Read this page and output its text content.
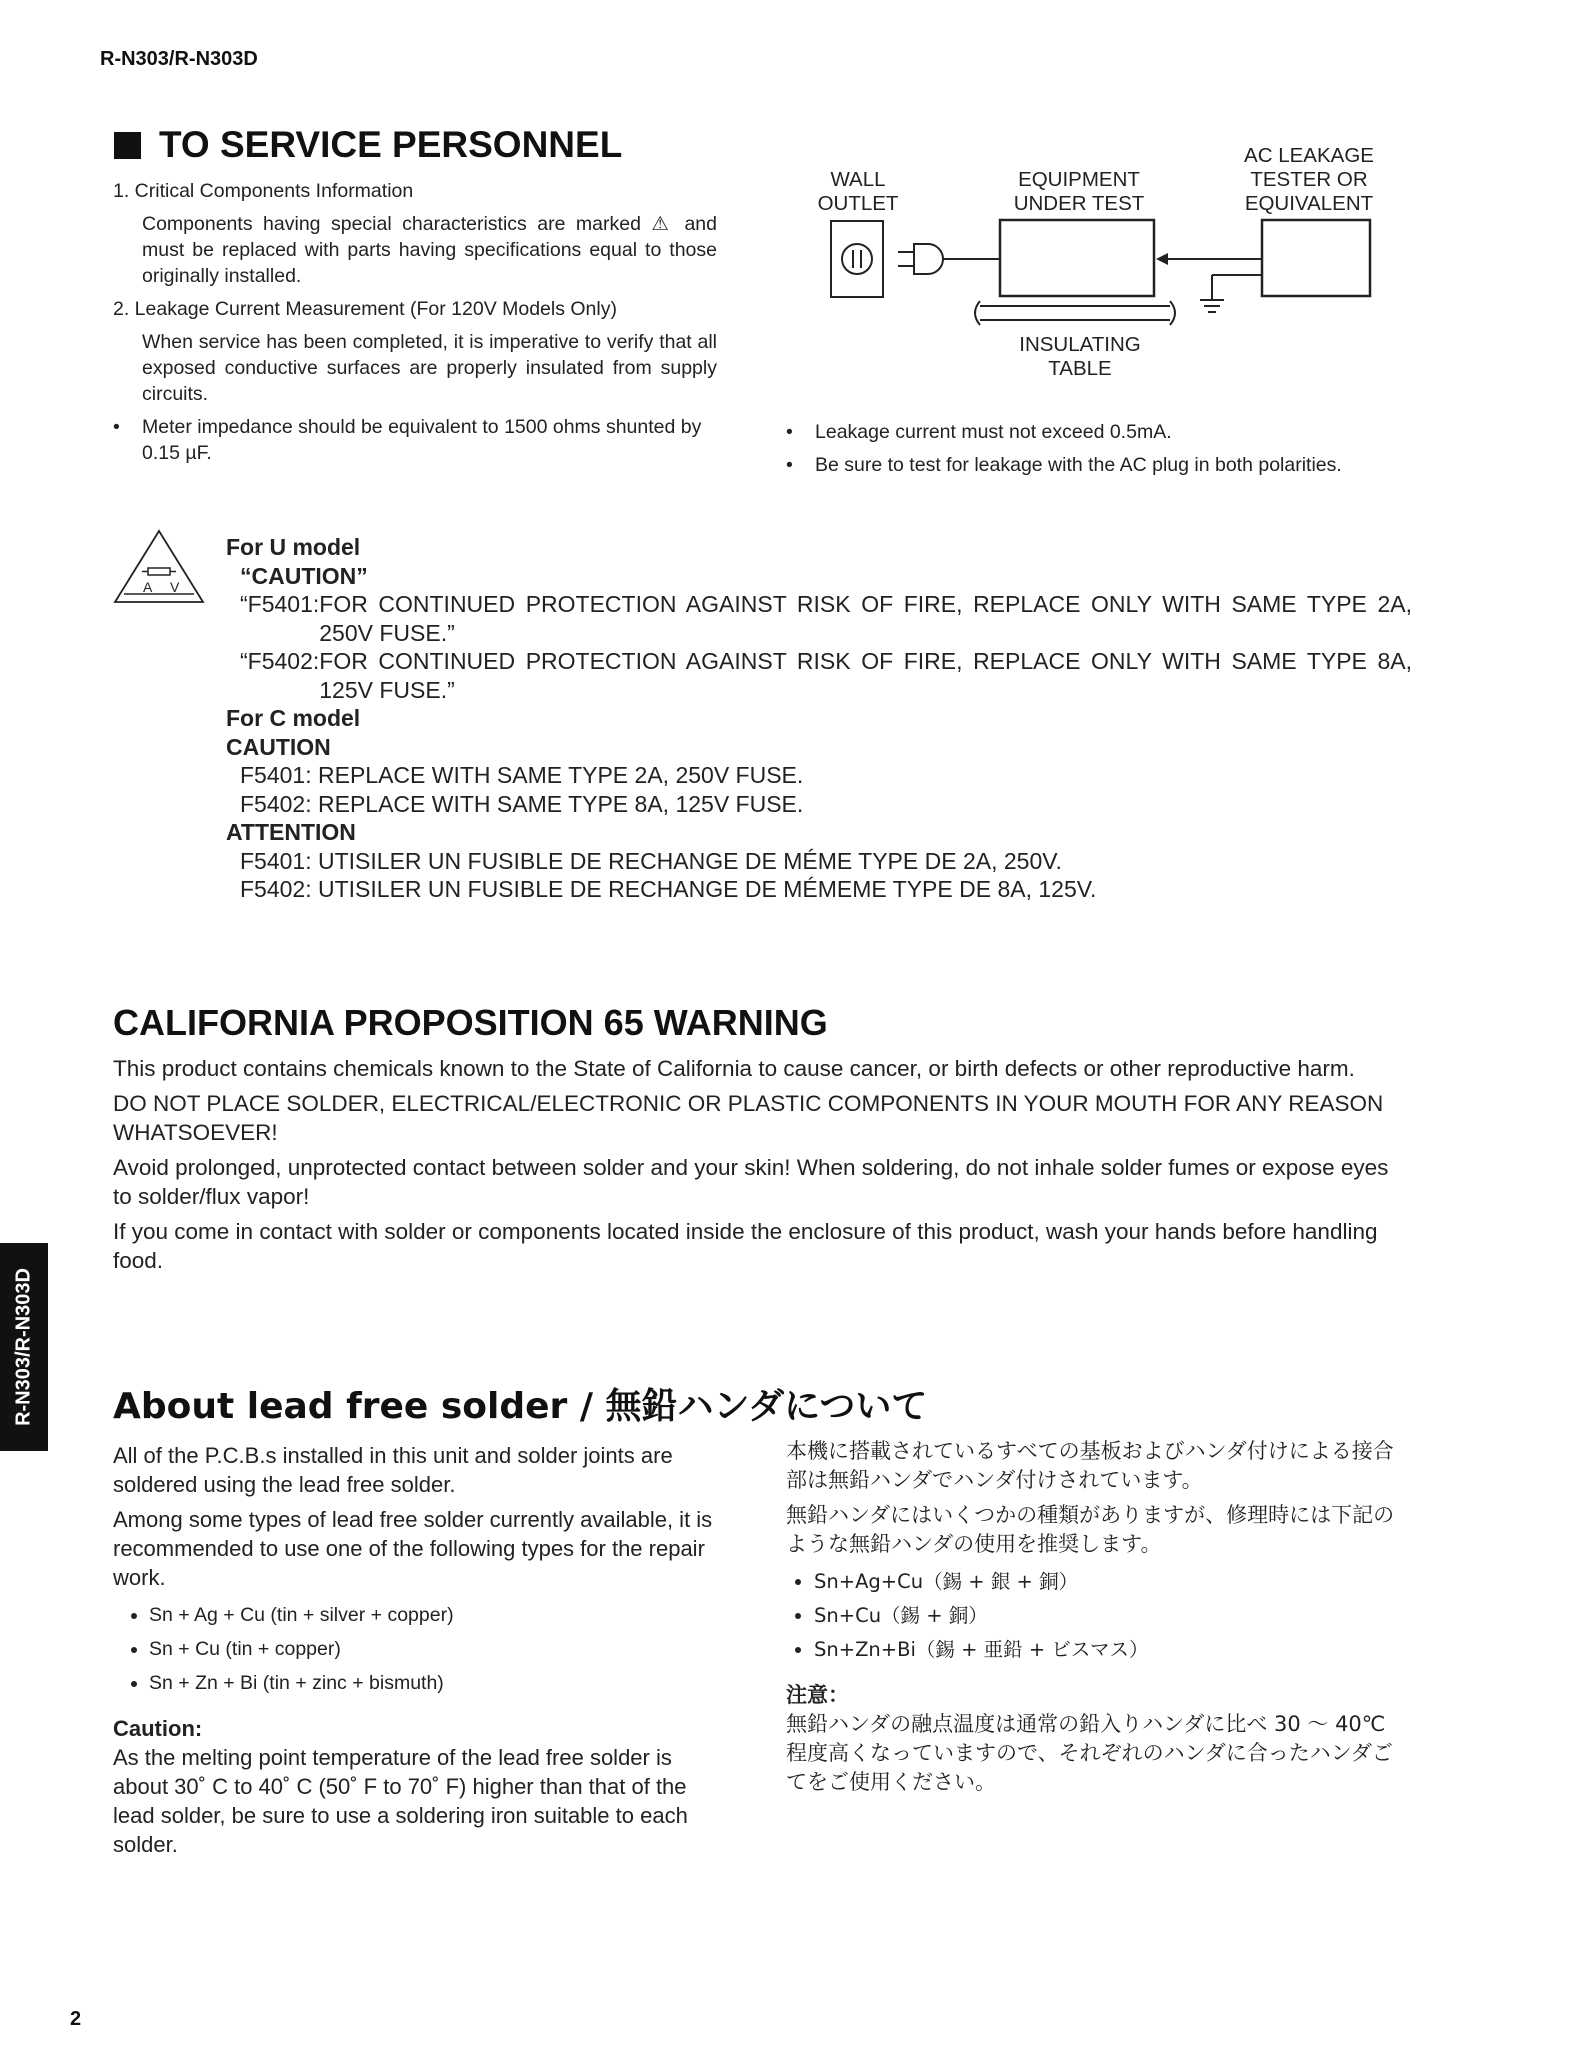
R-N303/R-N303D
R-N303/R-N303D
2
TO SERVICE PERSONNEL

1. Critical Components Information

Components having special characteristics are marked ⚠ and must be replaced with parts having specifications equal to those originally installed.

2. Leakage Current Measurement (For 120V Models Only)

When service has been completed, it is imperative to verify that all exposed conductive surfaces are properly insulated from supply circuits.

•	Meter impedance should be equivalent to 1500 ohms shunted by 0.15 µF.
WALL
OUTLET
EQUIPMENT
UNDER TEST
AC LEAKAGE
TESTER OR
EQUIVALENT
INSULATING
TABLE
•	Leakage current must not exceed 0.5mA.
•	Be sure to test for leakage with the AC plug in both polarities.
A V
For U model
“CAUTION”
“F5401: FOR CONTINUED PROTECTION AGAINST RISK OF FIRE, REPLACE ONLY WITH SAME TYPE 2A, 250V FUSE.”
“F5402: FOR CONTINUED PROTECTION AGAINST RISK OF FIRE, REPLACE ONLY WITH SAME TYPE 8A, 125V FUSE.”
For C model
CAUTION
F5401: REPLACE WITH SAME TYPE 2A, 250V FUSE.
F5402: REPLACE WITH SAME TYPE 8A, 125V FUSE.
ATTENTION
F5401: UTISILER UN FUSIBLE DE RECHANGE DE MÉME TYPE DE 2A, 250V.
F5402: UTISILER UN FUSIBLE DE RECHANGE DE MÉMEME TYPE DE 8A, 125V.
CALIFORNIA PROPOSITION 65 WARNING

This product contains chemicals known to the State of California to cause cancer, or birth defects or other reproductive harm.

DO NOT PLACE SOLDER, ELECTRICAL/ELECTRONIC OR PLASTIC COMPONENTS IN YOUR MOUTH FOR ANY REASON WHATSOEVER!

Avoid prolonged, unprotected contact between solder and your skin! When soldering, do not inhale solder fumes or expose eyes to solder/flux vapor!

If you come in contact with solder or components located inside the enclosure of this product, wash your hands before handling food.

About lead free solder / 無鉛ハンダについて

All of the P.C.B.s installed in this unit and solder joints are soldered using the lead free solder.

Among some types of lead free solder currently available, it is recommended to use one of the following types for the repair work.

• Sn + Ag + Cu (tin + silver + copper)
• Sn + Cu (tin + copper)
• Sn + Zn + Bi (tin + zinc + bismuth)

Caution:

As the melting point temperature of the lead free solder is about 30˚ C to 40˚ C (50˚ F to 70˚ F) higher than that of the lead solder, be sure to use a soldering iron suitable to each solder.

本機に搭載されているすべての基板およびハンダ付けによる接合部は無鉛ハンダでハンダ付けされています。

無鉛ハンダにはいくつかの種類がありますが、修理時には下記のような無鉛ハンダの使用を推奨します。

• Sn+Ag+Cu（錫 + 銀 + 銅）
• Sn+Cu（錫 + 銅）
• Sn+Zn+Bi（錫 + 亜鉛 + ビスマス）

注意：

無鉛ハンダの融点温度は通常の鉛入りハンダに比べ 30 〜 40℃程度高くなっていますので、それぞれのハンダに合ったハンダごてをご使用ください。
